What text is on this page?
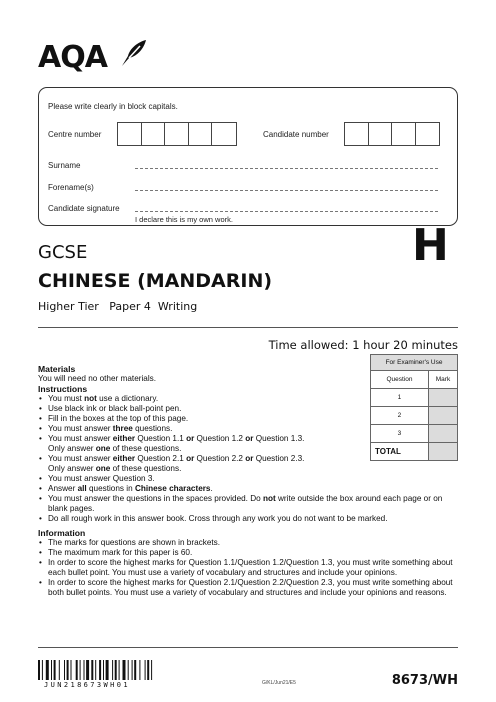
AQA
Please write clearly in block capitals.
Centre number	Candidate number
Surname
Forename(s)
Candidate signature
I declare this is my own work.
GCSE
CHINESE (MANDARIN)
Higher Tier   Paper 4  Writing
H
Time allowed: 1 hour 20 minutes
For Examiner's Use	
Question	Mark
1	
2	
3	
TOTAL	
Materials

You will need no other materials.

Instructions
• You must not use a dictionary.
• Use black ink or black ball-point pen.
• Fill in the boxes at the top of this page.
• You must answer three questions.
• You must answer either Question 1.1 or Question 1.2 or Question 1.3.
Only answer one of these questions.
• You must answer either Question 2.1 or Question 2.2 or Question 2.3.
Only answer one of these questions.
• You must answer Question 3.
• Answer all questions in Chinese characters.
• You must answer the questions in the spaces provided. Do not write outside the box around each page or on blank pages.
• Do all rough work in this answer book. Cross through any work you do not want to be marked.
Information
• The marks for questions are shown in brackets.
• The maximum mark for this paper is 60.
• In order to score the highest marks for Question 1.1/Question 1.2/Question 1.3, you must write something about each bullet point. You must use a variety of vocabulary and structures and include your opinions.
• In order to score the highest marks for Question 2.1/Question 2.2/Question 2.3, you must write something about both bullet points. You must use a variety of vocabulary and structures and include your opinions and reasons.
JUN218673WH01	G/KL/Jun21/E5	8673/WH
